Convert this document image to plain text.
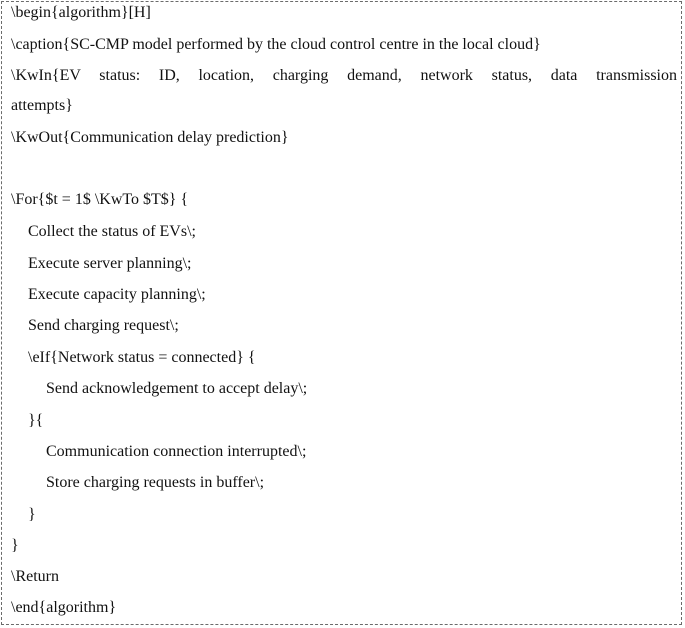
\begin{algorithm}[H]
\caption{SC-CMP model performed by the cloud control centre in the local cloud}
\KwIn{EV status: ID, location, charging demand, network status, data transmission
attempts}
\KwOut{Communication delay prediction}
\For{$t = 1$ \KwTo $T$} {
Collect the status of EVs\;
Execute server planning\;
Execute capacity planning\;
Send charging request\;
\eIf{Network status = connected} {
Send acknowledgement to accept delay\;
}{
Communication connection interrupted\;
Store charging requests in buffer\;
}
}
\Return
\end{algorithm}
